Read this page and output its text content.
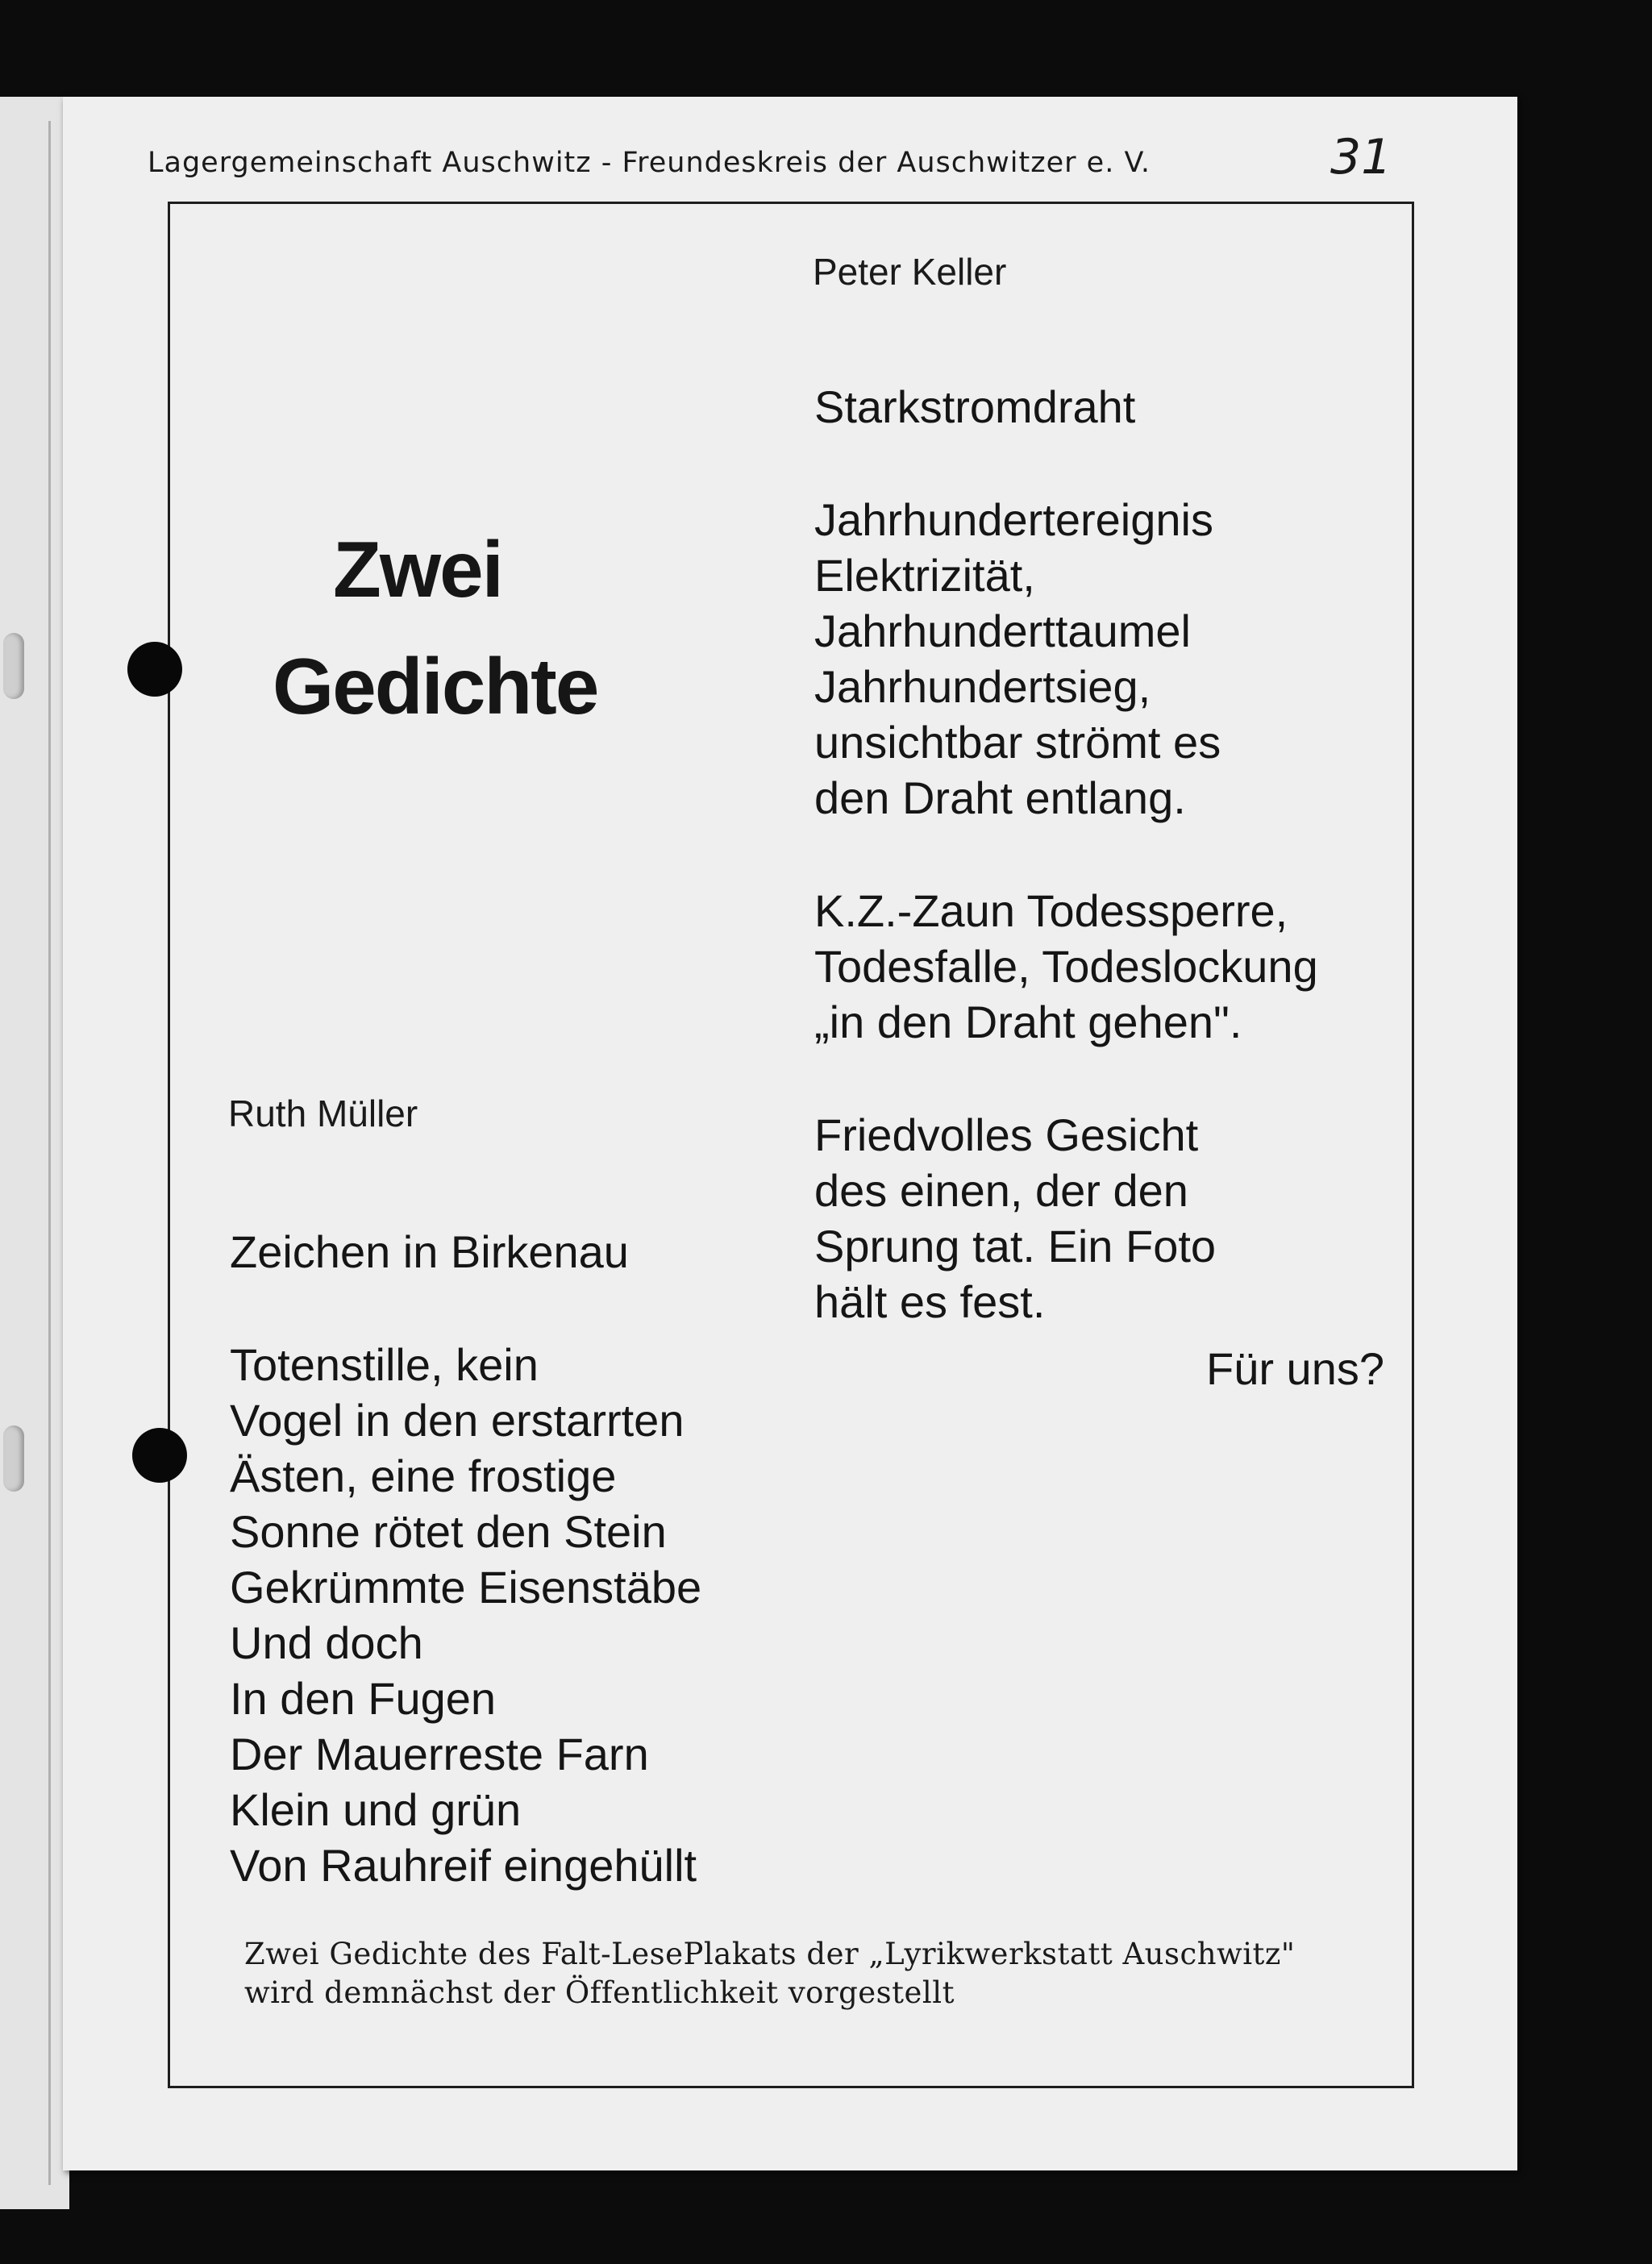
Lagergemeinschaft Auschwitz - Freundeskreis der Auschwitzer e. V.	31
Zwei
Gedichte
Ruth Müller
Zeichen in Birkenau
Totenstille, kein
Vogel in den erstarrten
Ästen, eine frostige
Sonne rötet den Stein
Gekrümmte Eisenstäbe
Und doch
In den Fugen
Der Mauerreste Farn
Klein und grün
Von Rauhreif eingehüllt
Peter Keller
Starkstromdraht
Jahrhundertereignis
Elektrizität,
Jahrhunderttaumel
Jahrhundertsieg,
unsichtbar strömt es
den Draht entlang.
K.Z.-Zaun Todessperre,
Todesfalle, Todeslockung
„in den Draht gehen".
Friedvolles Gesicht
des einen, der den
Sprung tat. Ein Foto
hält es fest.
Für uns?
Zwei Gedichte des Falt-LesePlakats der „Lyrikwerkstatt Auschwitz"
wird demnächst der Öffentlichkeit vorgestellt
